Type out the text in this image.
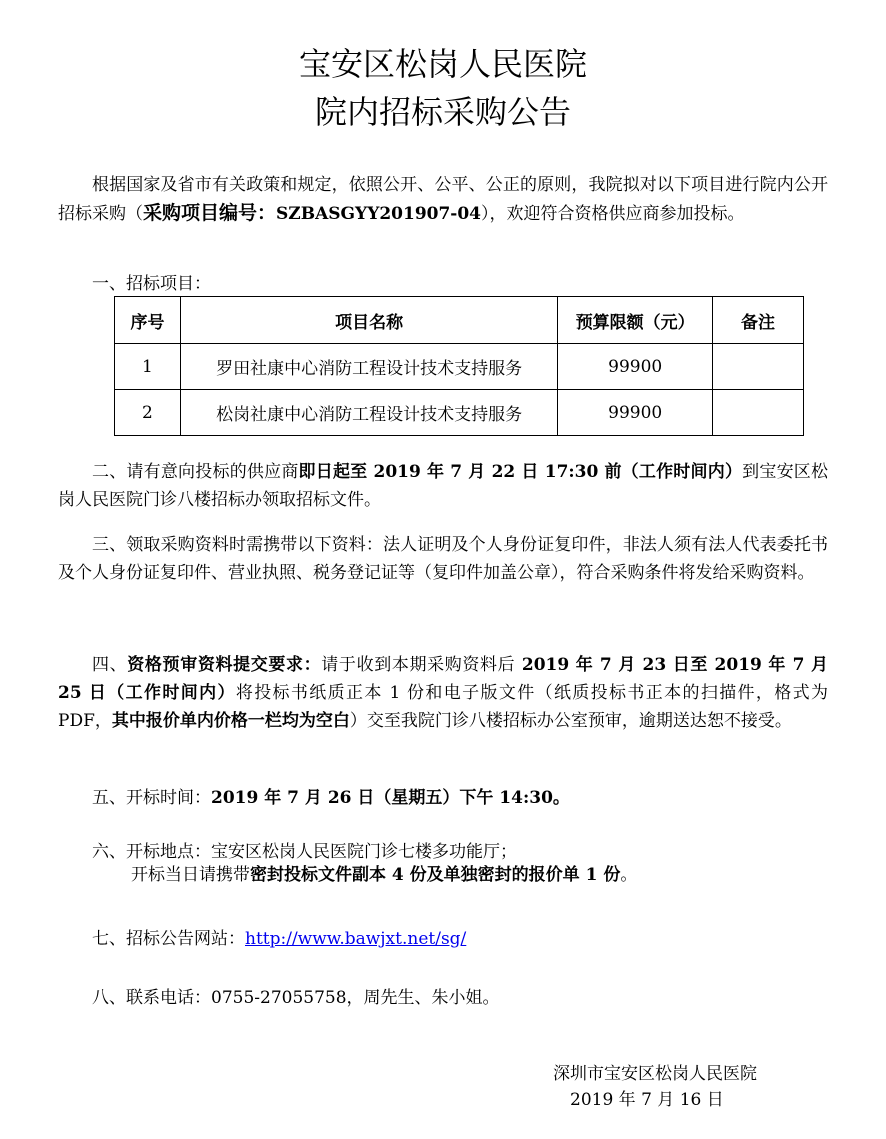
宝安区松岗人民医院
院内招标采购公告
根据国家及省市有关政策和规定，依照公开、公平、公正的原则，我院拟对以下项目进行院内公开招标采购（采购项目编号：SZBASGYY201907-04），欢迎符合资格供应商参加投标。
一、招标项目：
序号	项目名称	预算限额（元）	备注
1	罗田社康中心消防工程设计技术支持服务	99900	
2	松岗社康中心消防工程设计技术支持服务	99900	
二、请有意向投标的供应商即日起至 2019 年 7 月 22 日 17:30 前（工作时间内）到宝安区松岗人民医院门诊八楼招标办领取招标文件。
三、领取采购资料时需携带以下资料：法人证明及个人身份证复印件，非法人须有法人代表委托书及个人身份证复印件、营业执照、税务登记证等（复印件加盖公章），符合采购条件将发给采购资料。
四、资格预审资料提交要求：请于收到本期采购资料后 2019 年 7 月 23 日至 2019 年 7 月 25 日（工作时间内）将投标书纸质正本 1 份和电子版文件（纸质投标书正本的扫描件，格式为 PDF，其中报价单内价格一栏均为空白）交至我院门诊八楼招标办公室预审，逾期送达恕不接受。
五、开标时间：2019 年 7 月 26 日（星期五）下午 14:30。
六、开标地点：宝安区松岗人民医院门诊七楼多功能厅；
开标当日请携带密封投标文件副本 4 份及单独密封的报价单 1 份。
七、招标公告网站：http://www.bawjxt.net/sg/
八、联系电话：0755-27055758，周先生、朱小姐。
深圳市宝安区松岗人民医院
2019 年 7 月 16 日
